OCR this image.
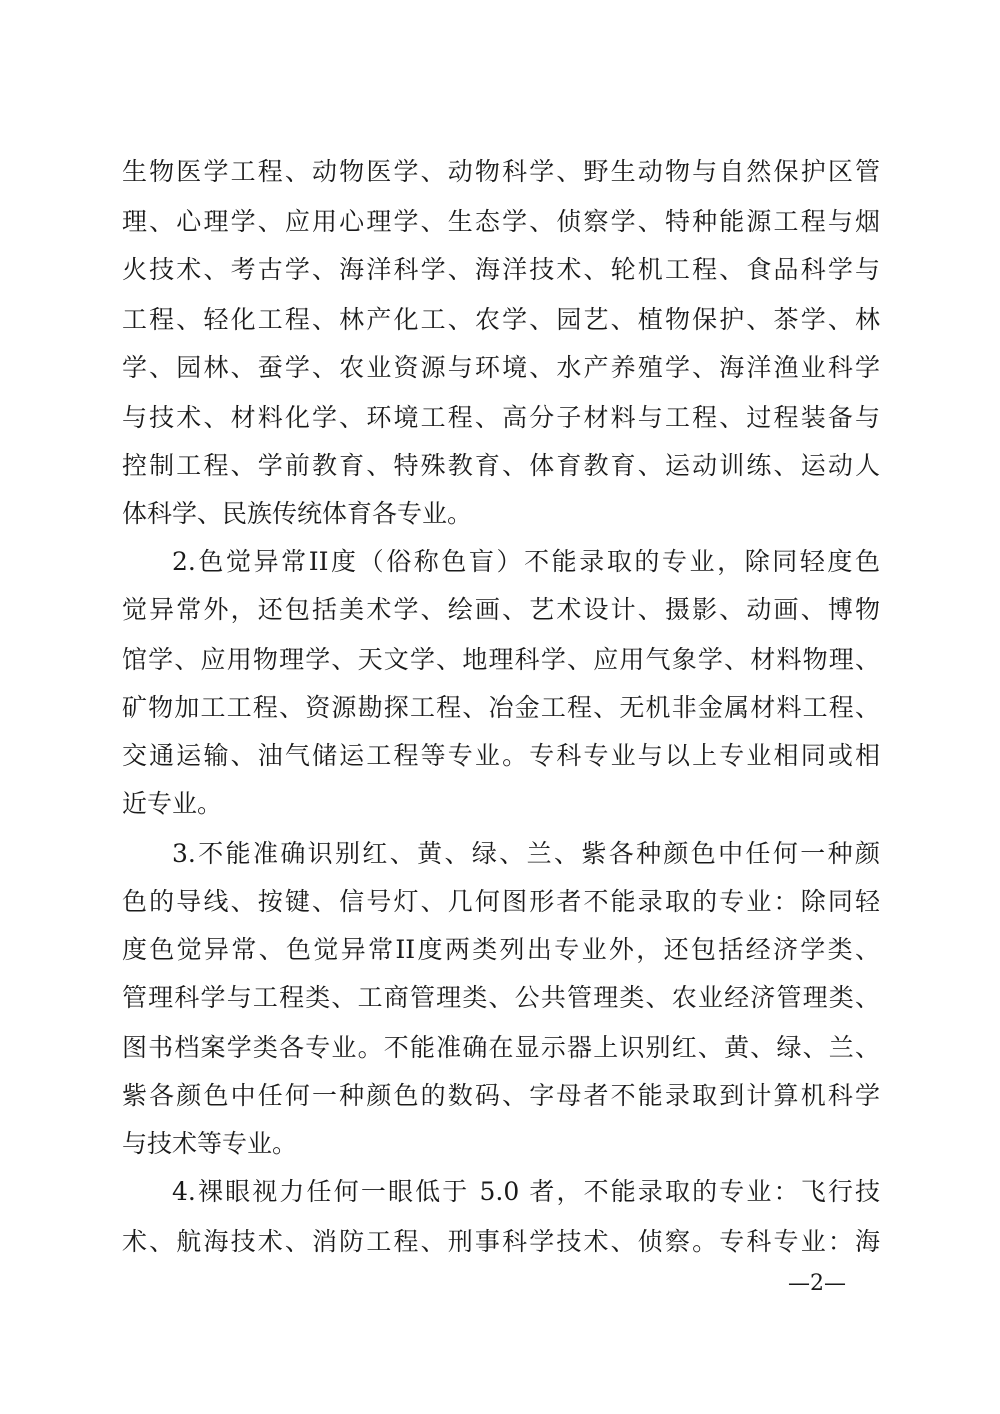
生物医学工程、动物医学、动物科学、野生动物与自然保护区管
理、心理学、应用心理学、生态学、侦察学、特种能源工程与烟
火技术、考古学、海洋科学、海洋技术、轮机工程、食品科学与
工程、轻化工程、林产化工、农学、园艺、植物保护、茶学、林
学、园林、蚕学、农业资源与环境、水产养殖学、海洋渔业科学
与技术、材料化学、环境工程、高分子材料与工程、过程装备与
控制工程、学前教育、特殊教育、体育教育、运动训练、运动人
体科学、民族传统体育各专业。
2.色觉异常II度（俗称色盲）不能录取的专业，除同轻度色
觉异常外，还包括美术学、绘画、艺术设计、摄影、动画、博物
馆学、应用物理学、天文学、地理科学、应用气象学、材料物理、
矿物加工工程、资源勘探工程、冶金工程、无机非金属材料工程、
交通运输、油气储运工程等专业。专科专业与以上专业相同或相
近专业。
3.不能准确识别红、黄、绿、兰、紫各种颜色中任何一种颜
色的导线、按键、信号灯、几何图形者不能录取的专业：除同轻
度色觉异常、色觉异常II度两类列出专业外，还包括经济学类、
管理科学与工程类、工商管理类、公共管理类、农业经济管理类、
图书档案学类各专业。不能准确在显示器上识别红、黄、绿、兰、
紫各颜色中任何一种颜色的数码、字母者不能录取到计算机科学
与技术等专业。
4.裸眼视力任何一眼低于 5.0 者，不能录取的专业：飞行技
术、航海技术、消防工程、刑事科学技术、侦察。专科专业：海
—2—
